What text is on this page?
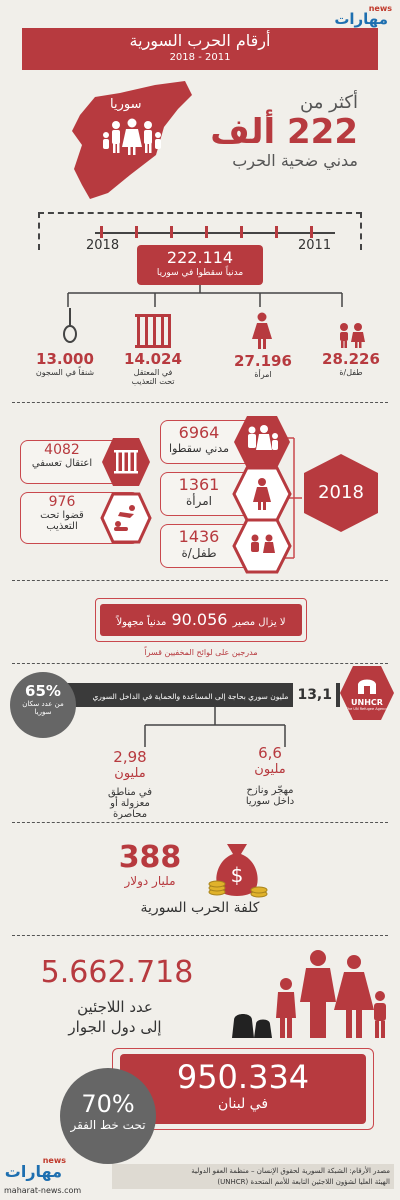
news
مهارات
أرقام الحرب السورية
2018 - 2011
سوريا	أكثر من
222 ألف
مدني ضحية الحرب
2018	2011
222.114
مدنياً سقطوا في سوريا
13.000
شنقاً في السجون
14.024
في المعتقل تحت التعذيب
27.196
امرأة
28.226
طفل/ة
2018
6964
مدني سقطوا
1361
امرأة
1436
طفل/ة
4082
اعتقال تعسفي
976
قضوا تحت التعذيب
لا يزال مصير 90.056 مدنياً مجهولاً
مدرجين على لوائح المخفيين قسراً
UNHCR
The UN Refugee Agency
13,1 مليون سوري بحاجة إلى المساعدة والحماية في الداخل السوري
65%
من عدد سكان سوريا
2,98
مليون
في مناطق معزولة أو محاصرة
6,6
مليون
مهجّر ونازح داخل سوريا
388
مليار دولار	$
كلفة الحرب السورية
5.662.718
عدد اللاجئين
إلى دول الجوار
950.334
في لبنان
70%
تحت خط الفقر
news
مهارات
maharat-news.com
مصدر الأرقام: الشبكة السورية لحقوق الإنسان – منظمة العفو الدولية
الهيئة العليا لشؤون اللاجئين التابعة للأمم المتحدة (UNHCR)
